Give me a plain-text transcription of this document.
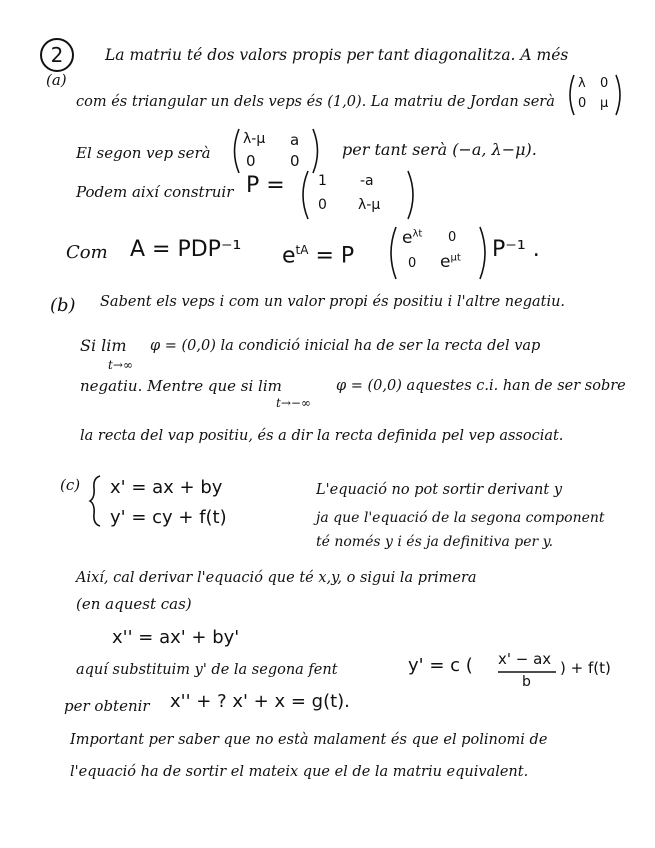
2
(a)
La matriu té dos valors propis per tant diagonalitza. A més
com és triangular un dels veps és (1,0). La matriu de Jordan serà
λ 0
0 μ
El segon vep serà
λ-μ a
0 0
per tant serà (−a, λ−μ).
Podem així construir P = 1 -a
0 λ-μ
Com A = PDP⁻¹ $e^{tA} = P$
$e^{\lambda t}$ 0
0 $e^{\mu t}$ P⁻¹ .
(b) Sabent els veps i com un valor propi és positiu i l'altre negatiu.
Si lim
t→∞
φ = (0,0) la condició inicial ha de ser la recta del vap
negatiu. Mentre que si lim
t→−∞
φ = (0,0) aquestes c.i. han de ser sobre
la recta del vap positiu, és a dir la recta definida pel vep associat.
(c) x' = ax + by
y' = cy + f(t)
L'equació no pot sortir derivant y
ja que l'equació de la segona component
té només y i és ja definitiva per y.
Així, cal derivar l'equació que té x,y, o sigui la primera
(en aquest cas)
x'' = ax' + by'
aquí substituim y' de la segona fent	y' = c ( x' − ax
b
) + f(t)
per obtenir x'' + ? x' + x = g(t).
Important per saber que no està malament és que el polinomi de
l'equació ha de sortir el mateix que el de la matriu equivalent.
